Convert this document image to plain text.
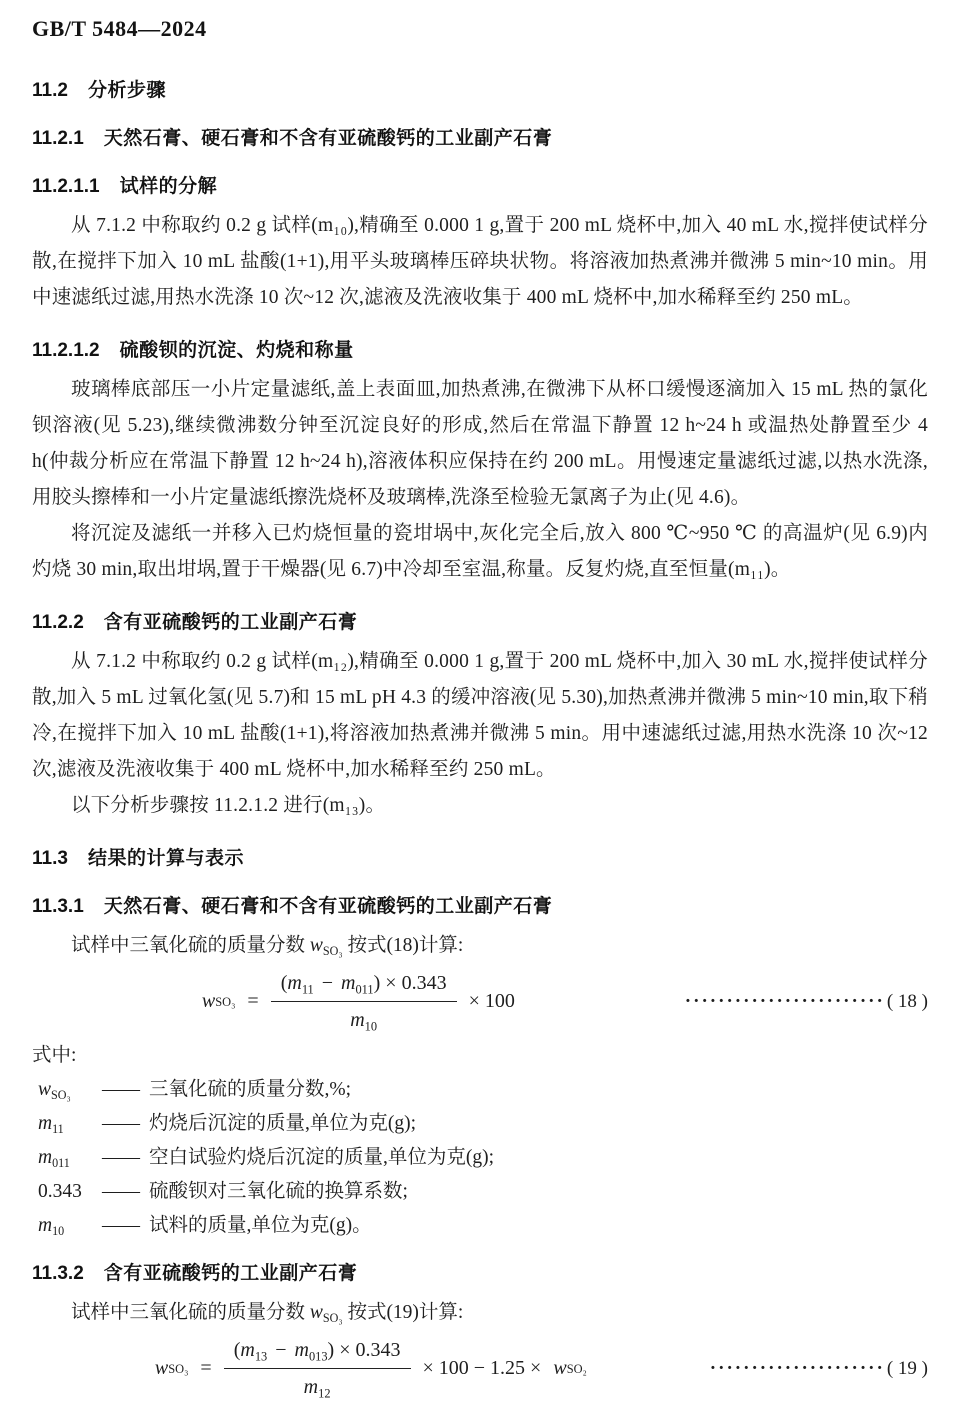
GB/T 5484—2024
11.2 分析步骤
11.2.1 天然石膏、硬石膏和不含有亚硫酸钙的工业副产石膏
11.2.1.1 试样的分解

从 7.1.2 中称取约 0.2 g 试样(m₁₀),精确至 0.000 1 g,置于 200 mL 烧杯中,加入 40 mL 水,搅拌使试样分散,在搅拌下加入 10 mL 盐酸(1+1),用平头玻璃棒压碎块状物。将溶液加热煮沸并微沸 5 min~10 min。用中速滤纸过滤,用热水洗涤 10 次~12 次,滤液及洗液收集于 400 mL 烧杯中,加水稀释至约 250 mL。

11.2.1.2 硫酸钡的沉淀、灼烧和称量

玻璃棒底部压一小片定量滤纸,盖上表面皿,加热煮沸,在微沸下从杯口缓慢逐滴加入 15 mL 热的氯化钡溶液(见 5.23),继续微沸数分钟至沉淀良好的形成,然后在常温下静置 12 h~24 h 或温热处静置至少 4 h(仲裁分析应在常温下静置 12 h~24 h),溶液体积应保持在约 200 mL。用慢速定量滤纸过滤,以热水洗涤,用胶头擦棒和一小片定量滤纸擦洗烧杯及玻璃棒,洗涤至检验无氯离子为止(见 4.6)。

将沉淀及滤纸一并移入已灼烧恒量的瓷坩埚中,灰化完全后,放入 800 ℃~950 ℃ 的高温炉(见 6.9)内灼烧 30 min,取出坩埚,置于干燥器(见 6.7)中冷却至室温,称量。反复灼烧,直至恒量(m₁₁)。

11.2.2 含有亚硫酸钙的工业副产石膏

从 7.1.2 中称取约 0.2 g 试样(m₁₂),精确至 0.000 1 g,置于 200 mL 烧杯中,加入 30 mL 水,搅拌使试样分散,加入 5 mL 过氧化氢(见 5.7)和 15 mL pH 4.3 的缓冲溶液(见 5.30),加热煮沸并微沸 5 min~10 min,取下稍冷,在搅拌下加入 10 mL 盐酸(1+1),将溶液加热煮沸并微沸 5 min。用中速滤纸过滤,用热水洗涤 10 次~12 次,滤液及洗液收集于 400 mL 烧杯中,加水稀释至约 250 mL。

以下分析步骤按 11.2.1.2 进行(m₁₃)。

11.3 结果的计算与表示
11.3.1 天然石膏、硬石膏和不含有亚硫酸钙的工业副产石膏

试样中三氧化硫的质量分数 $w_{SO_3}$ 按式(18)计算:

w $SO_3 = \frac{(m_{11} - m_{011}) \times 0.343}{m_{10}} \times 100$	························ ( 18 )

式中:

$w_{SO_3}$	—— 三氧化硫的质量分数,%;
$m_{11}$	—— 灼烧后沉淀的质量,单位为克(g);
$m_{011}$	—— 空白试验灼烧后沉淀的质量,单位为克(g);
0.343	—— 硫酸钡对三氧化硫的换算系数;
$m_{10}$	—— 试料的质量,单位为克(g)。
11.3.2 含有亚硫酸钙的工业副产石膏

试样中三氧化硫的质量分数 $w_{SO_3}$ 按式(19)计算:

w $SO_3 = \frac{(m_{13} - m_{013}) \times 0.343}{m_{12}} \times 100 - 1.25 \times w$ SO₂	····················· ( 19 )
